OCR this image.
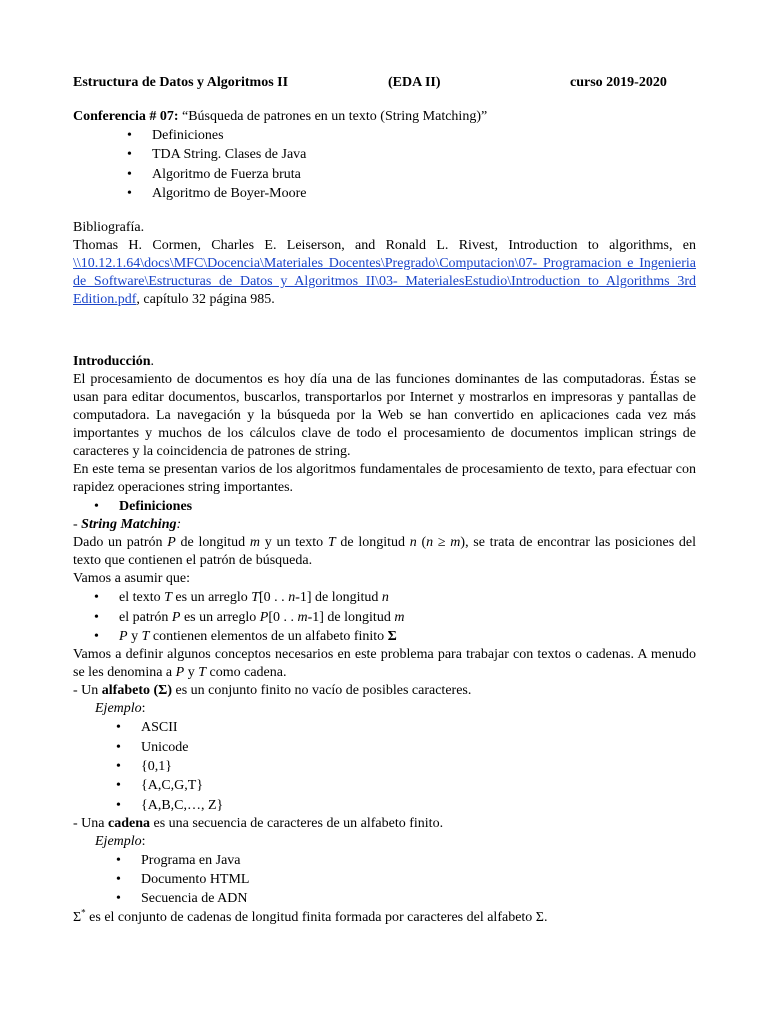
Estructura de Datos y Algoritmos II	(EDA II)	curso 2019-2020

Conferencia # 07: “Búsqueda de patrones en un texto (String Matching)”

• Definiciones
• TDA String. Clases de Java
• Algoritmo de Fuerza bruta
• Algoritmo de Boyer-Moore

Bibliografía.

Thomas H. Cormen, Charles E. Leiserson, and Ronald L. Rivest, Introduction to algorithms, en \\10.12.1.64\docs\MFC\Docencia\Materiales Docentes\Pregrado\Computacion\07- Programacion e Ingenieria de Software\Estructuras de Datos y Algoritmos II\03- MaterialesEstudio\Introduction to Algorithms 3rd Edition.pdf, capítulo 32 página 985.

Introducción.

El procesamiento de documentos es hoy día una de las funciones dominantes de las computadoras. Éstas se usan para editar documentos, buscarlos, transportarlos por Internet y mostrarlos en impresoras y pantallas de computadora. La navegación y la búsqueda por la Web se han convertido en aplicaciones cada vez más importantes y muchos de los cálculos clave de todo el procesamiento de documentos implican strings de caracteres y la coincidencia de patrones de string.

En este tema se presentan varios de los algoritmos fundamentales de procesamiento de texto, para efectuar con rapidez operaciones string importantes.

• Definiciones

- String Matching:

Dado un patrón P de longitud m y un texto T de longitud n (n ≥ m), se trata de encontrar las posiciones del texto que contienen el patrón de búsqueda.

Vamos a asumir que:

• el texto T es un arreglo T[0 . . n-1] de longitud n
• el patrón P es un arreglo P[0 . . m-1] de longitud m
• P y T contienen elementos de un alfabeto finito Σ

Vamos a definir algunos conceptos necesarios en este problema para trabajar con textos o cadenas. A menudo se les denomina a P y T como cadena.

- Un alfabeto (Σ) es un conjunto finito no vacío de posibles caracteres.

Ejemplo:

• ASCII
• Unicode
• {0,1}
• {A,C,G,T}
• {A,B,C,…, Z}

- Una cadena es una secuencia de caracteres de un alfabeto finito.

Ejemplo:

• Programa en Java
• Documento HTML
• Secuencia de ADN

Σ* es el conjunto de cadenas de longitud finita formada por caracteres del alfabeto Σ.
